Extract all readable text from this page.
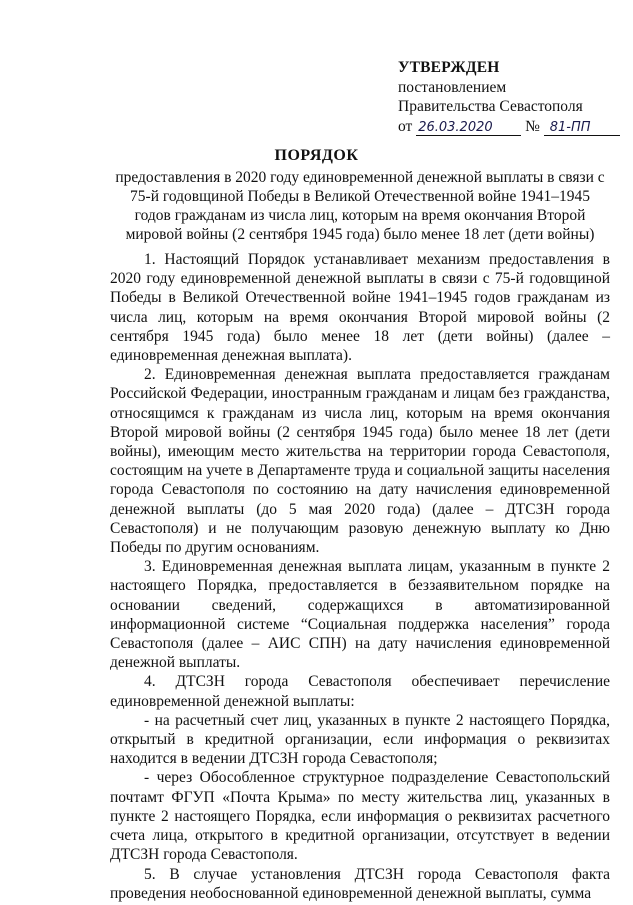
УТВЕРЖДЕН
постановлением
Правительства Севастополя
от 26.03.2020 № 81-ПП
ПОРЯДОК
предоставления в 2020 году единовременной денежной выплаты в связи с 75-й годовщиной Победы в Великой Отечественной войне 1941–1945 годов гражданам из числа лиц, которым на время окончания Второй мировой войны (2 сентября 1945 года) было менее 18 лет (дети войны)

1. Настоящий Порядок устанавливает механизм предоставления в 2020 году единовременной денежной выплаты в связи с 75-й годовщиной Победы в Великой Отечественной войне 1941–1945 годов гражданам из числа лиц, которым на время окончания Второй мировой войны (2 сентября 1945 года) было менее 18 лет (дети войны) (далее – единовременная денежная выплата).

2. Единовременная денежная выплата предоставляется гражданам Российской Федерации, иностранным гражданам и лицам без гражданства, относящимся к гражданам из числа лиц, которым на время окончания Второй мировой войны (2 сентября 1945 года) было менее 18 лет (дети войны), имеющим место жительства на территории города Севастополя, состоящим на учете в Департаменте труда и социальной защиты населения города Севастополя по состоянию на дату начисления единовременной денежной выплаты (до 5 мая 2020 года) (далее – ДТСЗН города Севастополя) и не получающим разовую денежную выплату ко Дню Победы по другим основаниям.

3. Единовременная денежная выплата лицам, указанным в пункте 2 настоящего Порядка, предоставляется в беззаявительном порядке на основании сведений, содержащихся в автоматизированной информационной системе “Социальная поддержка населения” города Севастополя (далее – АИС СПН) на дату начисления единовременной денежной выплаты.

4. ДТСЗН города Севастополя обеспечивает перечисление единовременной денежной выплаты:

- на расчетный счет лиц, указанных в пункте 2 настоящего Порядка, открытый в кредитной организации, если информация о реквизитах находится в ведении ДТСЗН города Севастополя;

- через Обособленное структурное подразделение Севастопольский почтамт ФГУП «Почта Крыма» по месту жительства лиц, указанных в пункте 2 настоящего Порядка, если информация о реквизитах расчетного счета лица, открытого в кредитной организации, отсутствует в ведении ДТСЗН города Севастополя.

5. В случае установления ДТСЗН города Севастополя факта проведения необоснованной единовременной денежной выплаты, сумма
